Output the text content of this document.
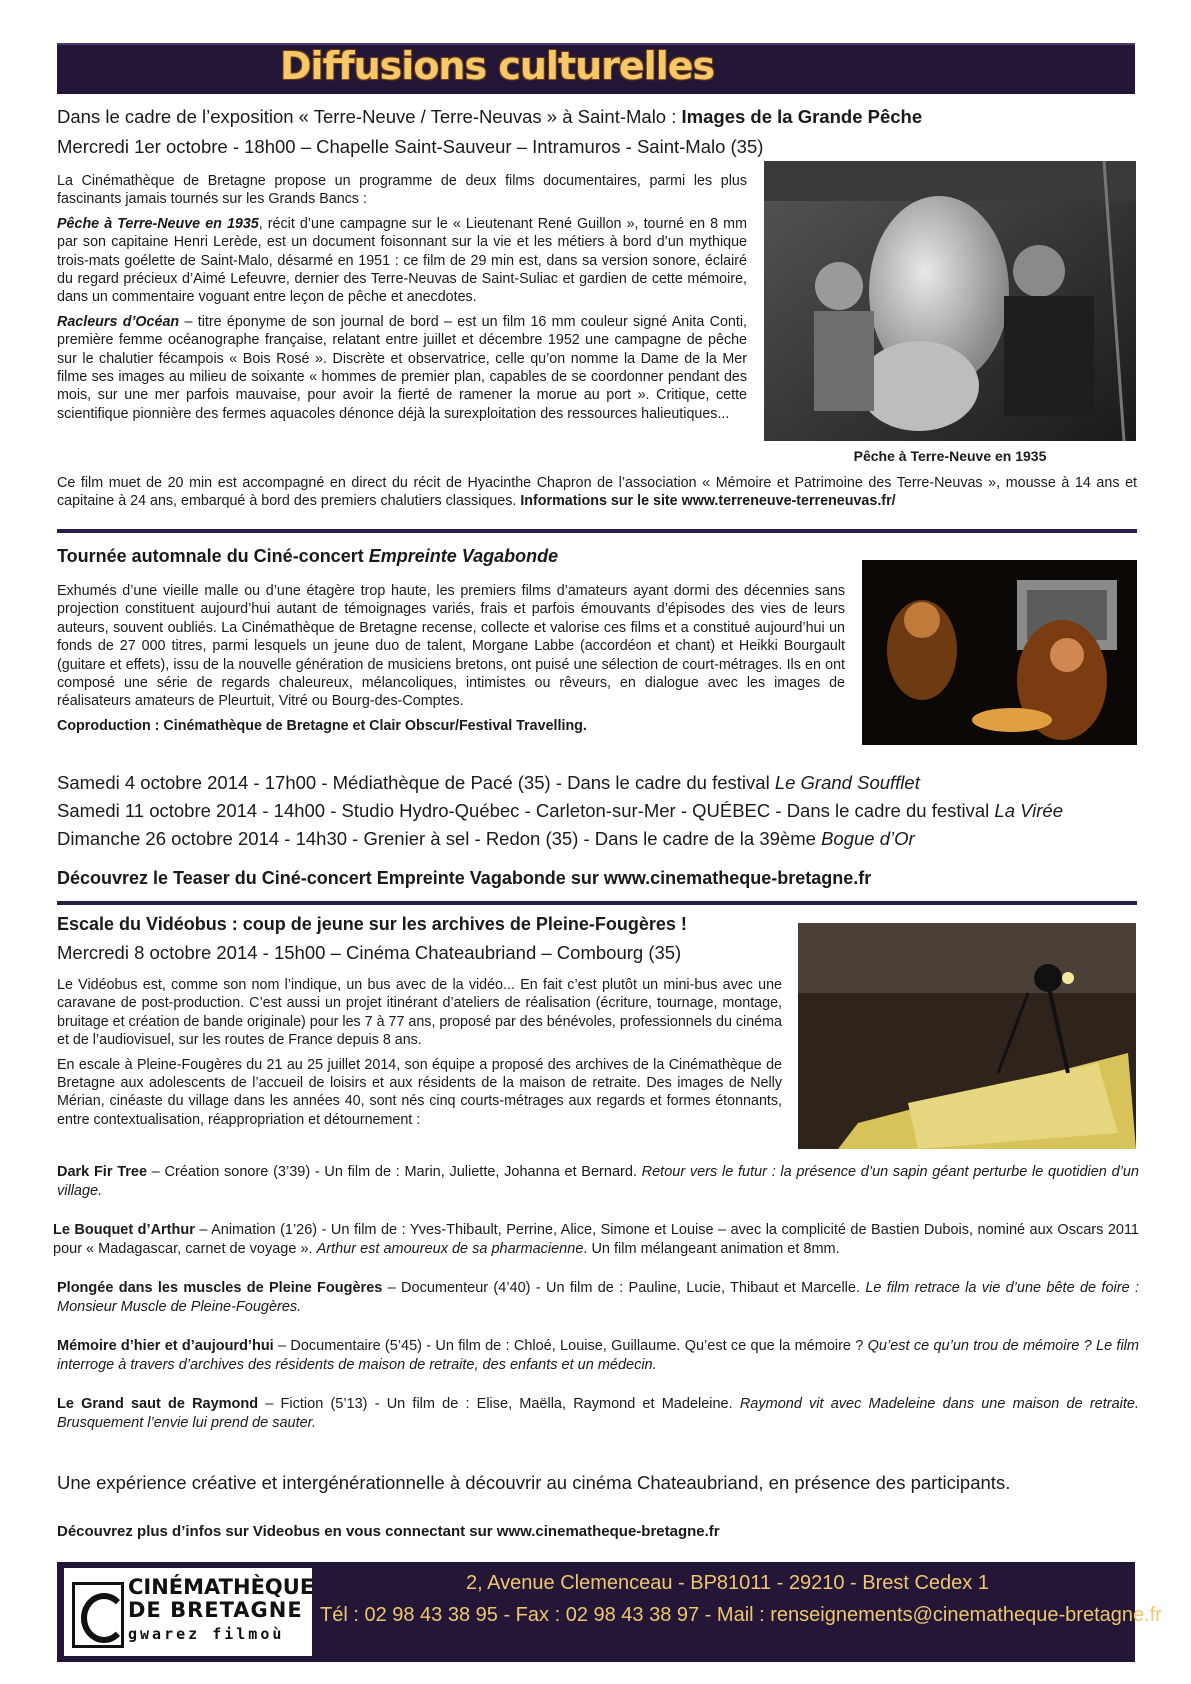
Diffusions culturelles
Dans le cadre de l’exposition « Terre-Neuve / Terre-Neuvas » à Saint-Malo : Images de la Grande Pêche
Mercredi 1er octobre - 18h00 – Chapelle Saint-Sauveur – Intramuros - Saint-Malo (35)

La Cinémathèque de Bretagne propose un programme de deux films documentaires, parmi les plus fascinants jamais tournés sur les Grands Bancs :

Pêche à Terre-Neuve en 1935, récit d’une campagne sur le « Lieutenant René Guillon », tourné en 8 mm par son capitaine Henri Lerède, est un document foisonnant sur la vie et les métiers à bord d’un mythique trois-mats goélette de Saint-Malo, désarmé en 1951 : ce film de 29 min est, dans sa version sonore, éclairé du regard précieux d’Aimé Lefeuvre, dernier des Terre-Neuvas de Saint-Suliac et gardien de cette mémoire, dans un commentaire voguant entre leçon de pêche et anecdotes.

Racleurs d’Océan – titre éponyme de son journal de bord – est un film 16 mm couleur signé Anita Conti, première femme océanographe française, relatant entre juillet et décembre 1952 une campagne de pêche sur le chalutier fécampois « Bois Rosé ». Discrète et observatrice, celle qu’on nomme la Dame de la Mer filme ses images au milieu de soixante « hommes de premier plan, capables de se coordonner pendant des mois, sur une mer parfois mauvaise, pour avoir la fierté de ramener la morue au port ». Critique, cette scientifique pionnière des fermes aquacoles dénonce déjà la surexploitation des ressources halieutiques...

Pêche à Terre-Neuve en 1935

Ce film muet de 20 min est accompagné en direct du récit de Hyacinthe Chapron de l’association « Mémoire et Patrimoine des Terre-Neuvas », mousse à 14 ans et capitaine à 24 ans, embarqué à bord des premiers chalutiers classiques. Informations sur le site www.terreneuve-terreneuvas.fr/

Tournée automnale du Ciné-concert Empreinte Vagabonde

Exhumés d’une vieille malle ou d’une étagère trop haute, les premiers films d’amateurs ayant dormi des décennies sans projection constituent aujourd’hui autant de témoignages variés, frais et parfois émouvants d’épisodes des vies de leurs auteurs, souvent oubliés. La Cinémathèque de Bretagne recense, collecte et valorise ces films et a constitué aujourd’hui un fonds de 27 000 titres, parmi lesquels un jeune duo de talent, Morgane Labbe (accordéon et chant) et Heikki Bourgault (guitare et effets), issu de la nouvelle génération de musiciens bretons, ont puisé une sélection de court-métrages. Ils en ont composé une série de regards chaleureux, mélancoliques, intimistes ou rêveurs, en dialogue avec les images de réalisateurs amateurs de Pleurtuit, Vitré ou Bourg-des-Comptes.

Coproduction : Cinémathèque de Bretagne et Clair Obscur/Festival Travelling.

Samedi 4 octobre 2014 - 17h00 - Médiathèque de Pacé (35) - Dans le cadre du festival Le Grand Soufflet
Samedi 11 octobre 2014 - 14h00 - Studio Hydro-Québec - Carleton-sur-Mer - QUÉBEC - Dans le cadre du festival La Virée
Dimanche 26 octobre 2014 - 14h30 - Grenier à sel - Redon (35) - Dans le cadre de la 39ème Bogue d’Or
Découvrez le Teaser du Ciné-concert Empreinte Vagabonde sur www.cinematheque-bretagne.fr
Escale du Vidéobus : coup de jeune sur les archives de Pleine-Fougères !
Mercredi 8 octobre 2014 - 15h00 – Cinéma Chateaubriand – Combourg (35)

Le Vidéobus est, comme son nom l’indique, un bus avec de la vidéo... En fait c’est plutôt un mini-bus avec une caravane de post-production. C’est aussi un projet itinérant d’ateliers de réalisation (écriture, tournage, montage, bruitage et création de bande originale) pour les 7 à 77 ans, proposé par des bénévoles, professionnels du cinéma et de l’audiovisuel, sur les routes de France depuis 8 ans.

En escale à Pleine-Fougères du 21 au 25 juillet 2014, son équipe a proposé des archives de la Cinémathèque de Bretagne aux adolescents de l’accueil de loisirs et aux résidents de la maison de retraite. Des images de Nelly Mérian, cinéaste du village dans les années 40, sont nés cinq courts-métrages aux regards et formes étonnants, entre contextualisation, réappropriation et détournement :

Dark Fir Tree – Création sonore (3’39) - Un film de : Marin, Juliette, Johanna et Bernard. Retour vers le futur : la présence d’un sapin géant perturbe le quotidien d’un village.

Le Bouquet d’Arthur – Animation (1’26) - Un film de : Yves-Thibault, Perrine, Alice, Simone et Louise – avec la complicité de Bastien Dubois, nominé aux Oscars 2011 pour « Madagascar, carnet de voyage ». Arthur est amoureux de sa pharmacienne. Un film mélangeant animation et 8mm.

Plongée dans les muscles de Pleine Fougères – Documenteur (4’40) - Un film de : Pauline, Lucie, Thibaut et Marcelle. Le film retrace la vie d’une bête de foire : Monsieur Muscle de Pleine-Fougères.

Mémoire d’hier et d’aujourd’hui – Documentaire (5’45) - Un film de : Chloé, Louise, Guillaume. Qu’est ce que la mémoire ? Qu’est ce qu’un trou de mémoire ? Le film interroge à travers d’archives des résidents de maison de retraite, des enfants et un médecin.

Le Grand saut de Raymond – Fiction (5’13) - Un film de : Elise, Maëlla, Raymond et Madeleine. Raymond vit avec Madeleine dans une maison de retraite. Brusquement l’envie lui prend de sauter.

Une expérience créative et intergénérationnelle à découvrir au cinéma Chateaubriand, en présence des participants.
Découvrez plus d’infos sur Videobus en vous connectant sur www.cinematheque-bretagne.fr
CINÉMATHÈQUE
DE BRETAGNE
gwarez filmoù
2, Avenue Clemenceau - BP81011 - 29210 - Brest Cedex 1
Tél : 02 98 43 38 95 - Fax : 02 98 43 38 97 - Mail : renseignements@cinematheque-bretagne.fr
